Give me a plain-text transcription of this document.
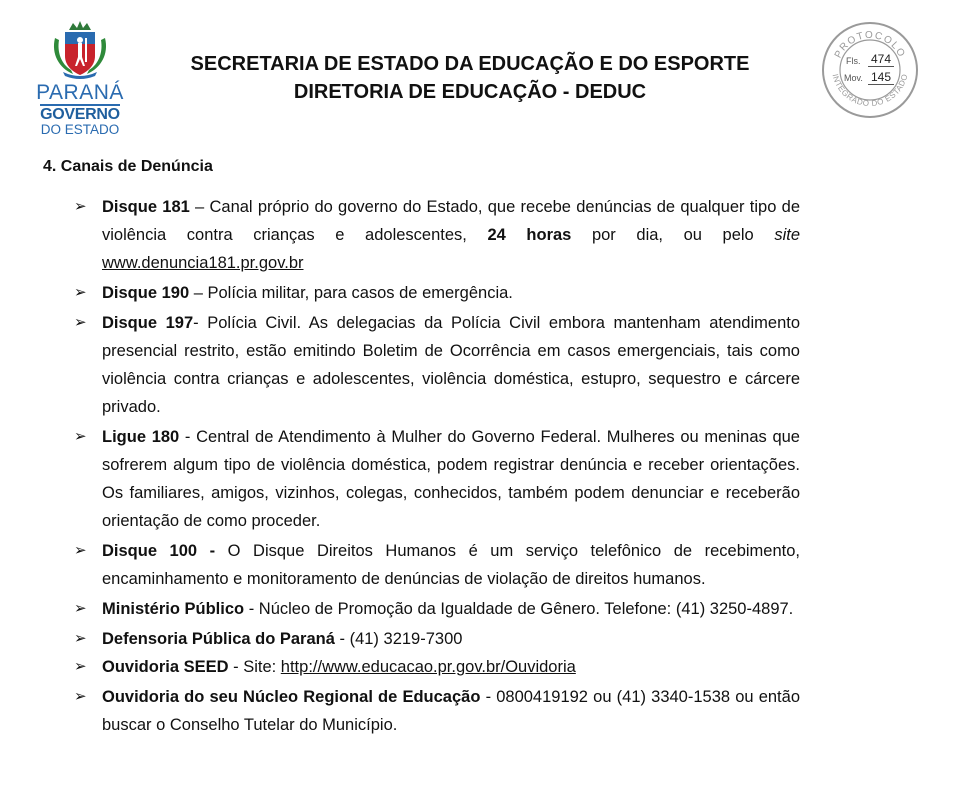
PARANÁ
GOVERNO
DO ESTADO
SECRETARIA DE ESTADO DA EDUCAÇÃO E DO ESPORTE
DIRETORIA DE EDUCAÇÃO - DEDUC
PROTOCOLO
INTEGRADO DO ESTADO
Fls. 474
Mov. 145
4. Canais de Denúncia
➢ Disque 181 – Canal próprio do governo do Estado, que recebe denúncias de qualquer tipo de violência contra crianças e adolescentes, 24 horas por dia, ou pelo site www.denuncia181.pr.gov.br
➢ Disque 190 – Polícia militar, para casos de emergência.
➢ Disque 197- Polícia Civil. As delegacias da Polícia Civil embora mantenham atendimento presencial restrito, estão emitindo Boletim de Ocorrência em casos emergenciais, tais como violência contra crianças e adolescentes, violência doméstica, estupro, sequestro e cárcere privado.
➢ Ligue 180 - Central de Atendimento à Mulher do Governo Federal. Mulheres ou meninas que sofrerem algum tipo de violência doméstica, podem registrar denúncia e receber orientações. Os familiares, amigos, vizinhos, colegas, conhecidos, também podem denunciar e receberão orientação de como proceder.
➢ Disque 100 - O Disque Direitos Humanos é um serviço telefônico de recebimento, encaminhamento e monitoramento de denúncias de violação de direitos humanos.
➢ Ministério Público - Núcleo de Promoção da Igualdade de Gênero. Telefone: (41) 3250-4897.
➢ Defensoria Pública do Paraná - (41) 3219-7300
➢ Ouvidoria SEED - Site: http://www.educacao.pr.gov.br/Ouvidoria
➢ Ouvidoria do seu Núcleo Regional de Educação - 0800419192 ou (41) 3340-1538 ou então buscar o Conselho Tutelar do Município.
